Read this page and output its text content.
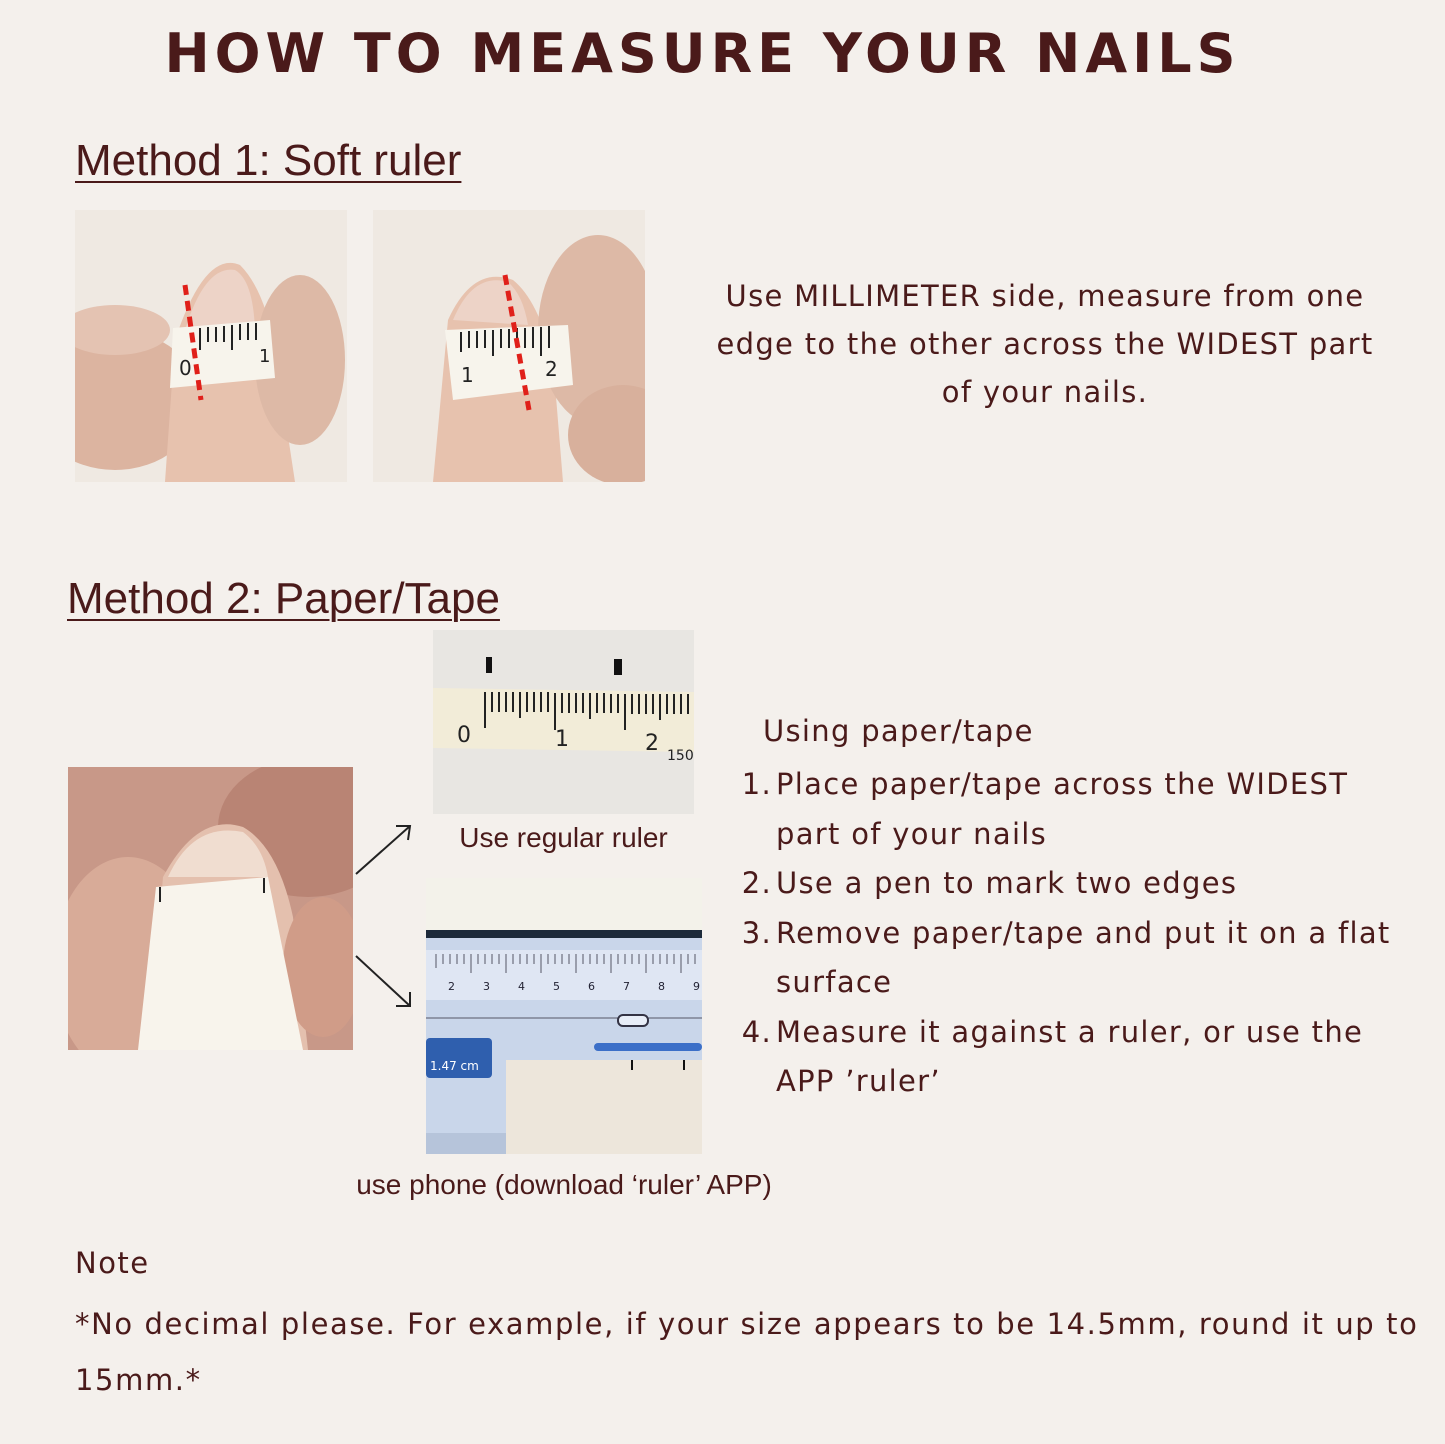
HOW TO MEASURE YOUR NAILS
Method 1: Soft ruler
0	1
1	2
Use MILLIMETER side, measure from one edge to the other across the WIDEST part of your nails.
Method 2: Paper/Tape
0	1	2 150
Use regular ruler
2	3	4	5	6	7	8	9
1.47 cm
use phone (download ‘ruler’ APP)
Using paper/tape
1. Place paper/tape across the WIDEST part of your nails
2. Use a pen to mark two edges
3. Remove paper/tape and put it on a flat surface
4. Measure it against a ruler, or use the APP ’ruler’
Note
*No decimal please. For example, if your size appears to be 14.5mm, round it up to 15mm.*
